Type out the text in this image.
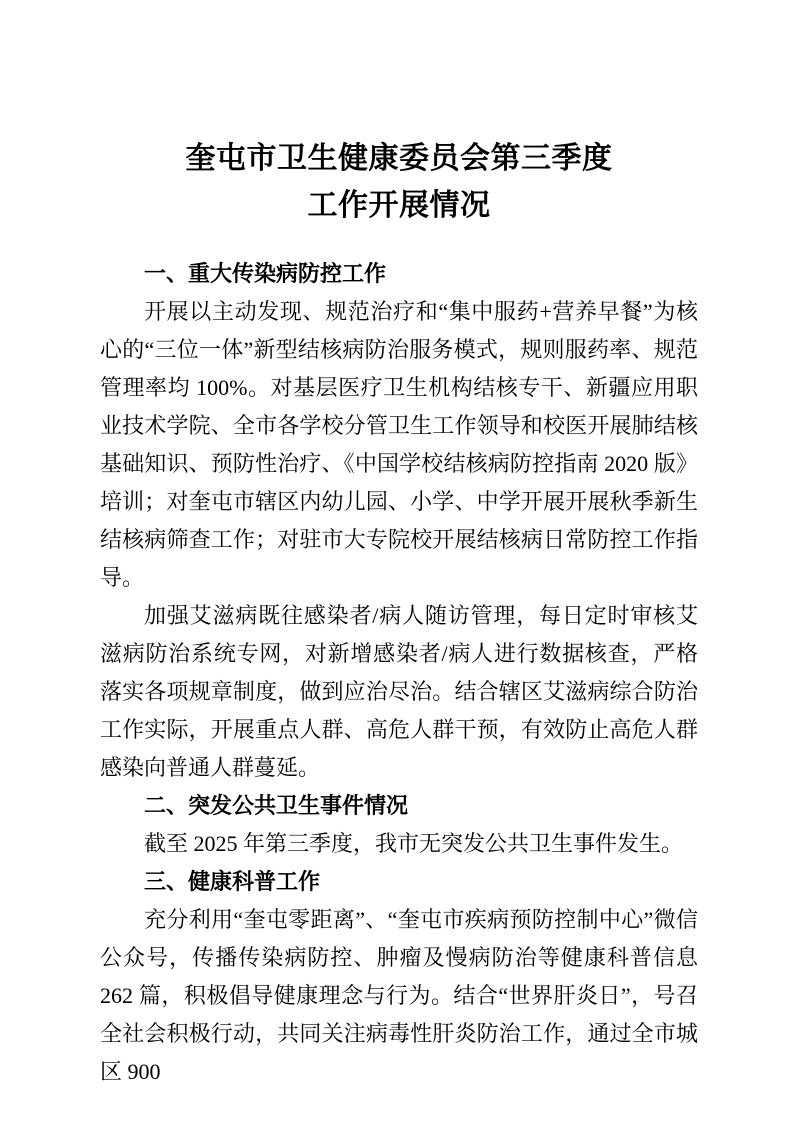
奎屯市卫生健康委员会第三季度
工作开展情况
一、重大传染病防控工作

开展以主动发现、规范治疗和“集中服药+营养早餐”为核心的“三位一体”新型结核病防治服务模式，规则服药率、规范管理率均 100%。对基层医疗卫生机构结核专干、新疆应用职业技术学院、全市各学校分管卫生工作领导和校医开展肺结核基础知识、预防性治疗、《中国学校结核病防控指南 2020 版》培训；对奎屯市辖区内幼儿园、小学、中学开展开展秋季新生结核病筛查工作；对驻市大专院校开展结核病日常防控工作指导。

加强艾滋病既往感染者/病人随访管理，每日定时审核艾滋病防治系统专网，对新增感染者/病人进行数据核查，严格落实各项规章制度，做到应治尽治。结合辖区艾滋病综合防治工作实际，开展重点人群、高危人群干预，有效防止高危人群感染向普通人群蔓延。

二、突发公共卫生事件情况

截至 2025 年第三季度，我市无突发公共卫生事件发生。

三、健康科普工作

充分利用“奎屯零距离”、“奎屯市疾病预防控制中心”微信公众号，传播传染病防控、肿瘤及慢病防治等健康科普信息 262 篇，积极倡导健康理念与行为。结合“世界肝炎日”，号召全社会积极行动，共同关注病毒性肝炎防治工作，通过全市城区 900
